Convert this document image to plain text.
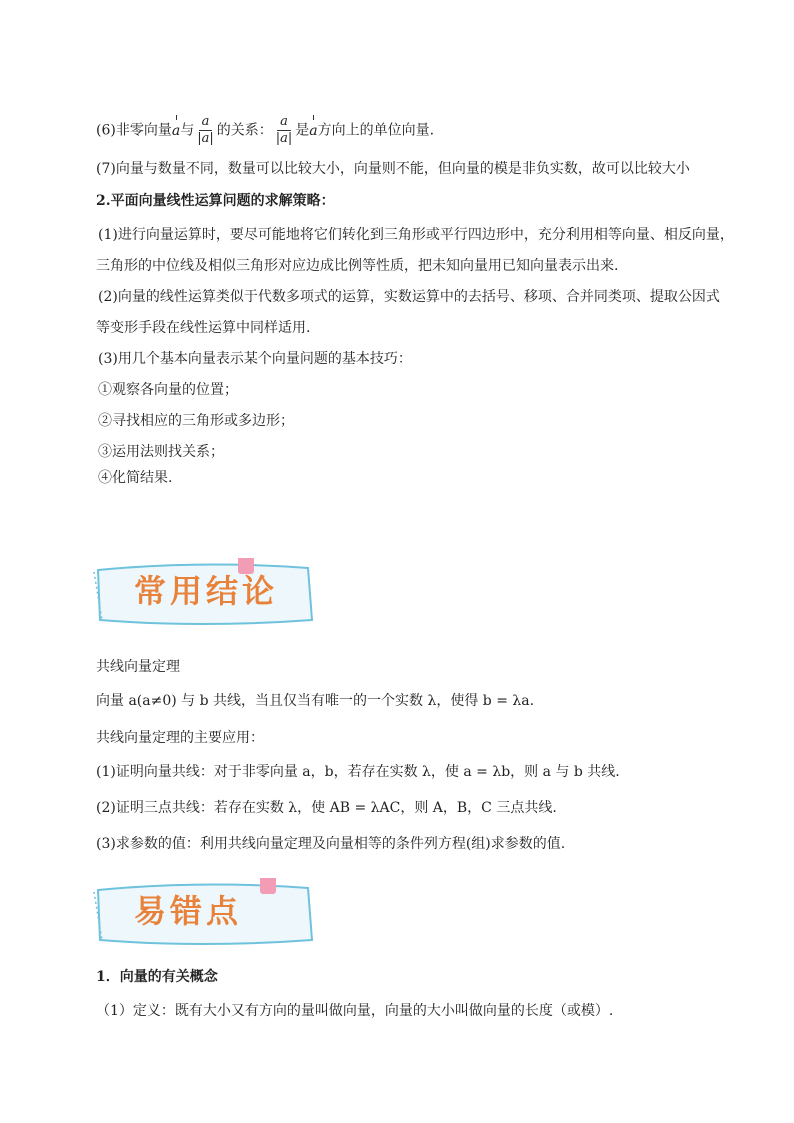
(6)非零向量a与 $\frac{a}{|a|}$ 的关系： $\frac{a}{|a|}$ 是a方向上的单位向量.
(7)向量与数量不同，数量可以比较大小，向量则不能，但向量的模是非负实数，故可以比较大小
2.平面向量线性运算问题的求解策略：
(1)进行向量运算时，要尽可能地将它们转化到三角形或平行四边形中，充分利用相等向量、相反向量，
三角形的中位线及相似三角形对应边成比例等性质，把未知向量用已知向量表示出来.
(2)向量的线性运算类似于代数多项式的运算，实数运算中的去括号、移项、合并同类项、提取公因式
等变形手段在线性运算中同样适用.
(3)用几个基本向量表示某个向量问题的基本技巧：
①观察各向量的位置；
②寻找相应的三角形或多边形；
③运用法则找关系；
④化简结果.
常用结论
共线向量定理
向量 a(a≠0) 与 b 共线，当且仅当有唯一的一个实数 λ，使得 b = λa.
共线向量定理的主要应用：
(1)证明向量共线：对于非零向量 a，b，若存在实数 λ，使 a = λb，则 a 与 b 共线.
(2)证明三点共线：若存在实数 λ，使 AB = λAC，则 A，B，C 三点共线.
(3)求参数的值：利用共线向量定理及向量相等的条件列方程(组)求参数的值.
易错点
1．向量的有关概念
（1）定义：既有大小又有方向的量叫做向量，向量的大小叫做向量的长度（或模）.
